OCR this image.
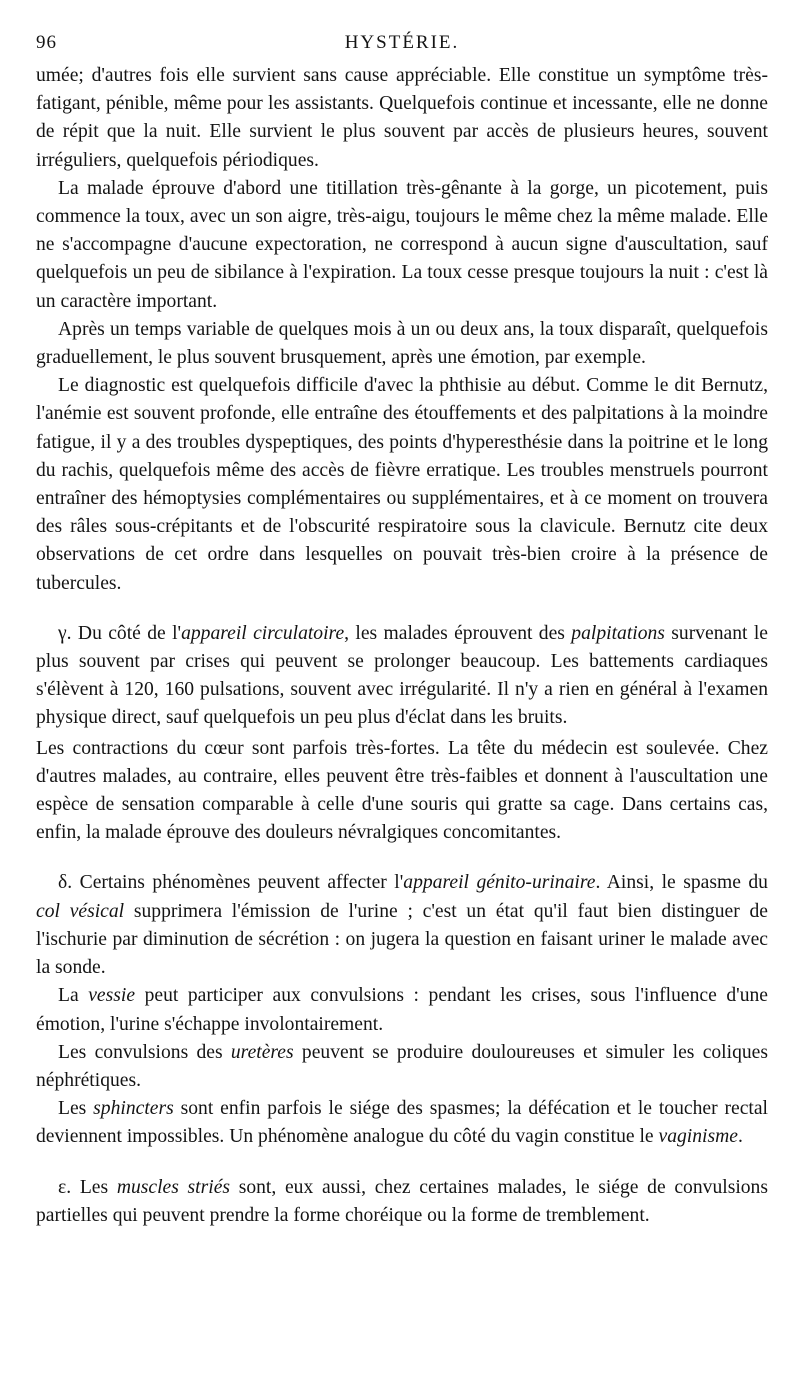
96	HYSTÉRIE.

umée; d'autres fois elle survient sans cause appréciable. Elle constitue un symptôme très-fatigant, pénible, même pour les assistants. Quelquefois continue et incessante, elle ne donne de répit que la nuit. Elle survient le plus souvent par accès de plusieurs heures, souvent irréguliers, quelquefois périodiques.

La malade éprouve d'abord une titillation très-gênante à la gorge, un picotement, puis commence la toux, avec un son aigre, très-aigu, toujours le même chez la même malade. Elle ne s'accompagne d'aucune expectoration, ne correspond à aucun signe d'auscultation, sauf quelquefois un peu de sibilance à l'expiration. La toux cesse presque toujours la nuit : c'est là un caractère important.

Après un temps variable de quelques mois à un ou deux ans, la toux disparaît, quelquefois graduellement, le plus souvent brusquement, après une émotion, par exemple.

Le diagnostic est quelquefois difficile d'avec la phthisie au début. Comme le dit Bernutz, l'anémie est souvent profonde, elle entraîne des étouffements et des palpitations à la moindre fatigue, il y a des troubles dyspeptiques, des points d'hyperesthésie dans la poitrine et le long du rachis, quelquefois même des accès de fièvre erratique. Les troubles menstruels pourront entraîner des hémoptysies complémentaires ou supplémentaires, et à ce moment on trouvera des râles sous-crépitants et de l'obscurité respiratoire sous la clavicule. Bernutz cite deux observations de cet ordre dans lesquelles on pouvait très-bien croire à la présence de tubercules.

γ. Du côté de l'appareil circulatoire, les malades éprouvent des palpitations survenant le plus souvent par crises qui peuvent se prolonger beaucoup. Les battements cardiaques s'élèvent à 120, 160 pulsations, souvent avec irrégularité. Il n'y a rien en général à l'examen physique direct, sauf quelquefois un peu plus d'éclat dans les bruits.

Les contractions du cœur sont parfois très-fortes. La tête du médecin est soulevée. Chez d'autres malades, au contraire, elles peuvent être très-faibles et donnent à l'auscultation une espèce de sensation comparable à celle d'une souris qui gratte sa cage. Dans certains cas, enfin, la malade éprouve des douleurs névralgiques concomitantes.

δ. Certains phénomènes peuvent affecter l'appareil génito-urinaire. Ainsi, le spasme du col vésical supprimera l'émission de l'urine ; c'est un état qu'il faut bien distinguer de l'ischurie par diminution de sécrétion : on jugera la question en faisant uriner le malade avec la sonde.

La vessie peut participer aux convulsions : pendant les crises, sous l'influence d'une émotion, l'urine s'échappe involontairement.

Les convulsions des uretères peuvent se produire douloureuses et simuler les coliques néphrétiques.

Les sphincters sont enfin parfois le siége des spasmes; la défécation et le toucher rectal deviennent impossibles. Un phénomène analogue du côté du vagin constitue le vaginisme.

ε. Les muscles striés sont, eux aussi, chez certaines malades, le siége de convulsions partielles qui peuvent prendre la forme choréique ou la forme de tremblement.
